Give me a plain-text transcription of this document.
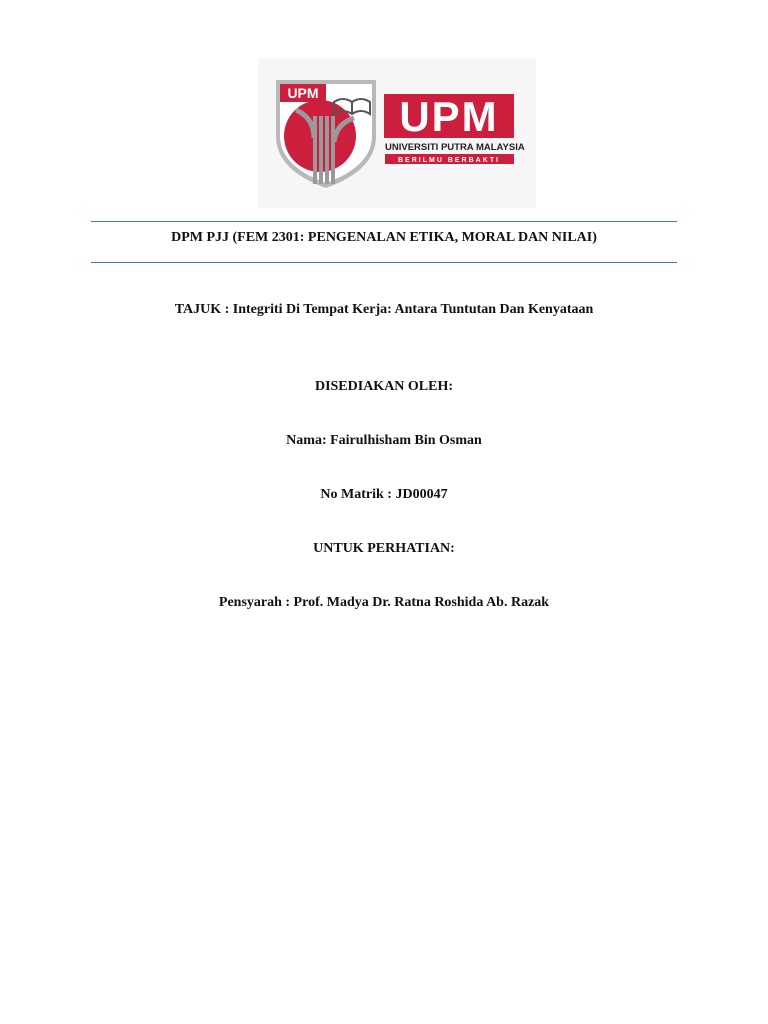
UPM UPM
UNIVERSITI PUTRA MALAYSIA
BERILMU BERBAKTI
DPM PJJ (FEM 2301: PENGENALAN ETIKA, MORAL DAN NILAI)
TAJUK : Integriti Di Tempat Kerja: Antara Tuntutan Dan Kenyataan
DISEDIAKAN OLEH:
Nama: Fairulhisham Bin Osman
No Matrik : JD00047
UNTUK PERHATIAN:
Pensyarah : Prof. Madya Dr. Ratna Roshida Ab. Razak
